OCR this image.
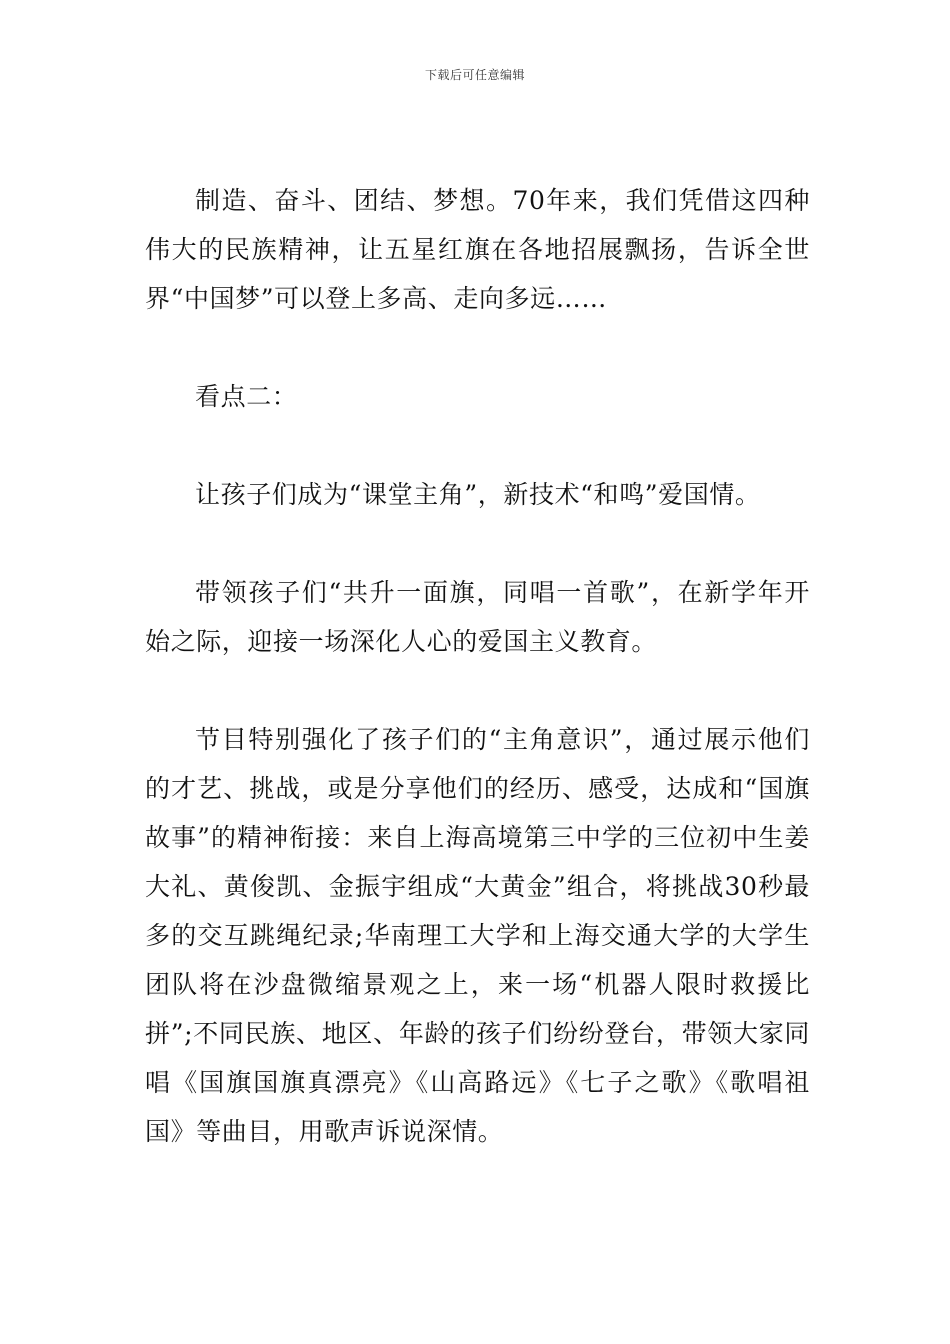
下载后可任意编辑

制造、奋斗、团结、梦想。70年来，我们凭借这四种伟大的民族精神，让五星红旗在各地招展飘扬，告诉全世界“中国梦”可以登上多高、走向多远……

看点二：

让孩子们成为“课堂主角”，新技术“和鸣”爱国情。

带领孩子们“共升一面旗，同唱一首歌”，在新学年开始之际，迎接一场深化人心的爱国主义教育。

节目特别强化了孩子们的“主角意识”，通过展示他们的才艺、挑战，或是分享他们的经历、感受，达成和“国旗故事”的精神衔接：来自上海高境第三中学的三位初中生姜大礼、黄俊凯、金振宇组成“大黄金”组合，将挑战30秒最多的交互跳绳纪录;华南理工大学和上海交通大学的大学生团队将在沙盘微缩景观之上，来一场“机器人限时救援比拼”;不同民族、地区、年龄的孩子们纷纷登台，带领大家同唱《国旗国旗真漂亮》《山高路远》《七子之歌》《歌唱祖国》等曲目，用歌声诉说深情。
